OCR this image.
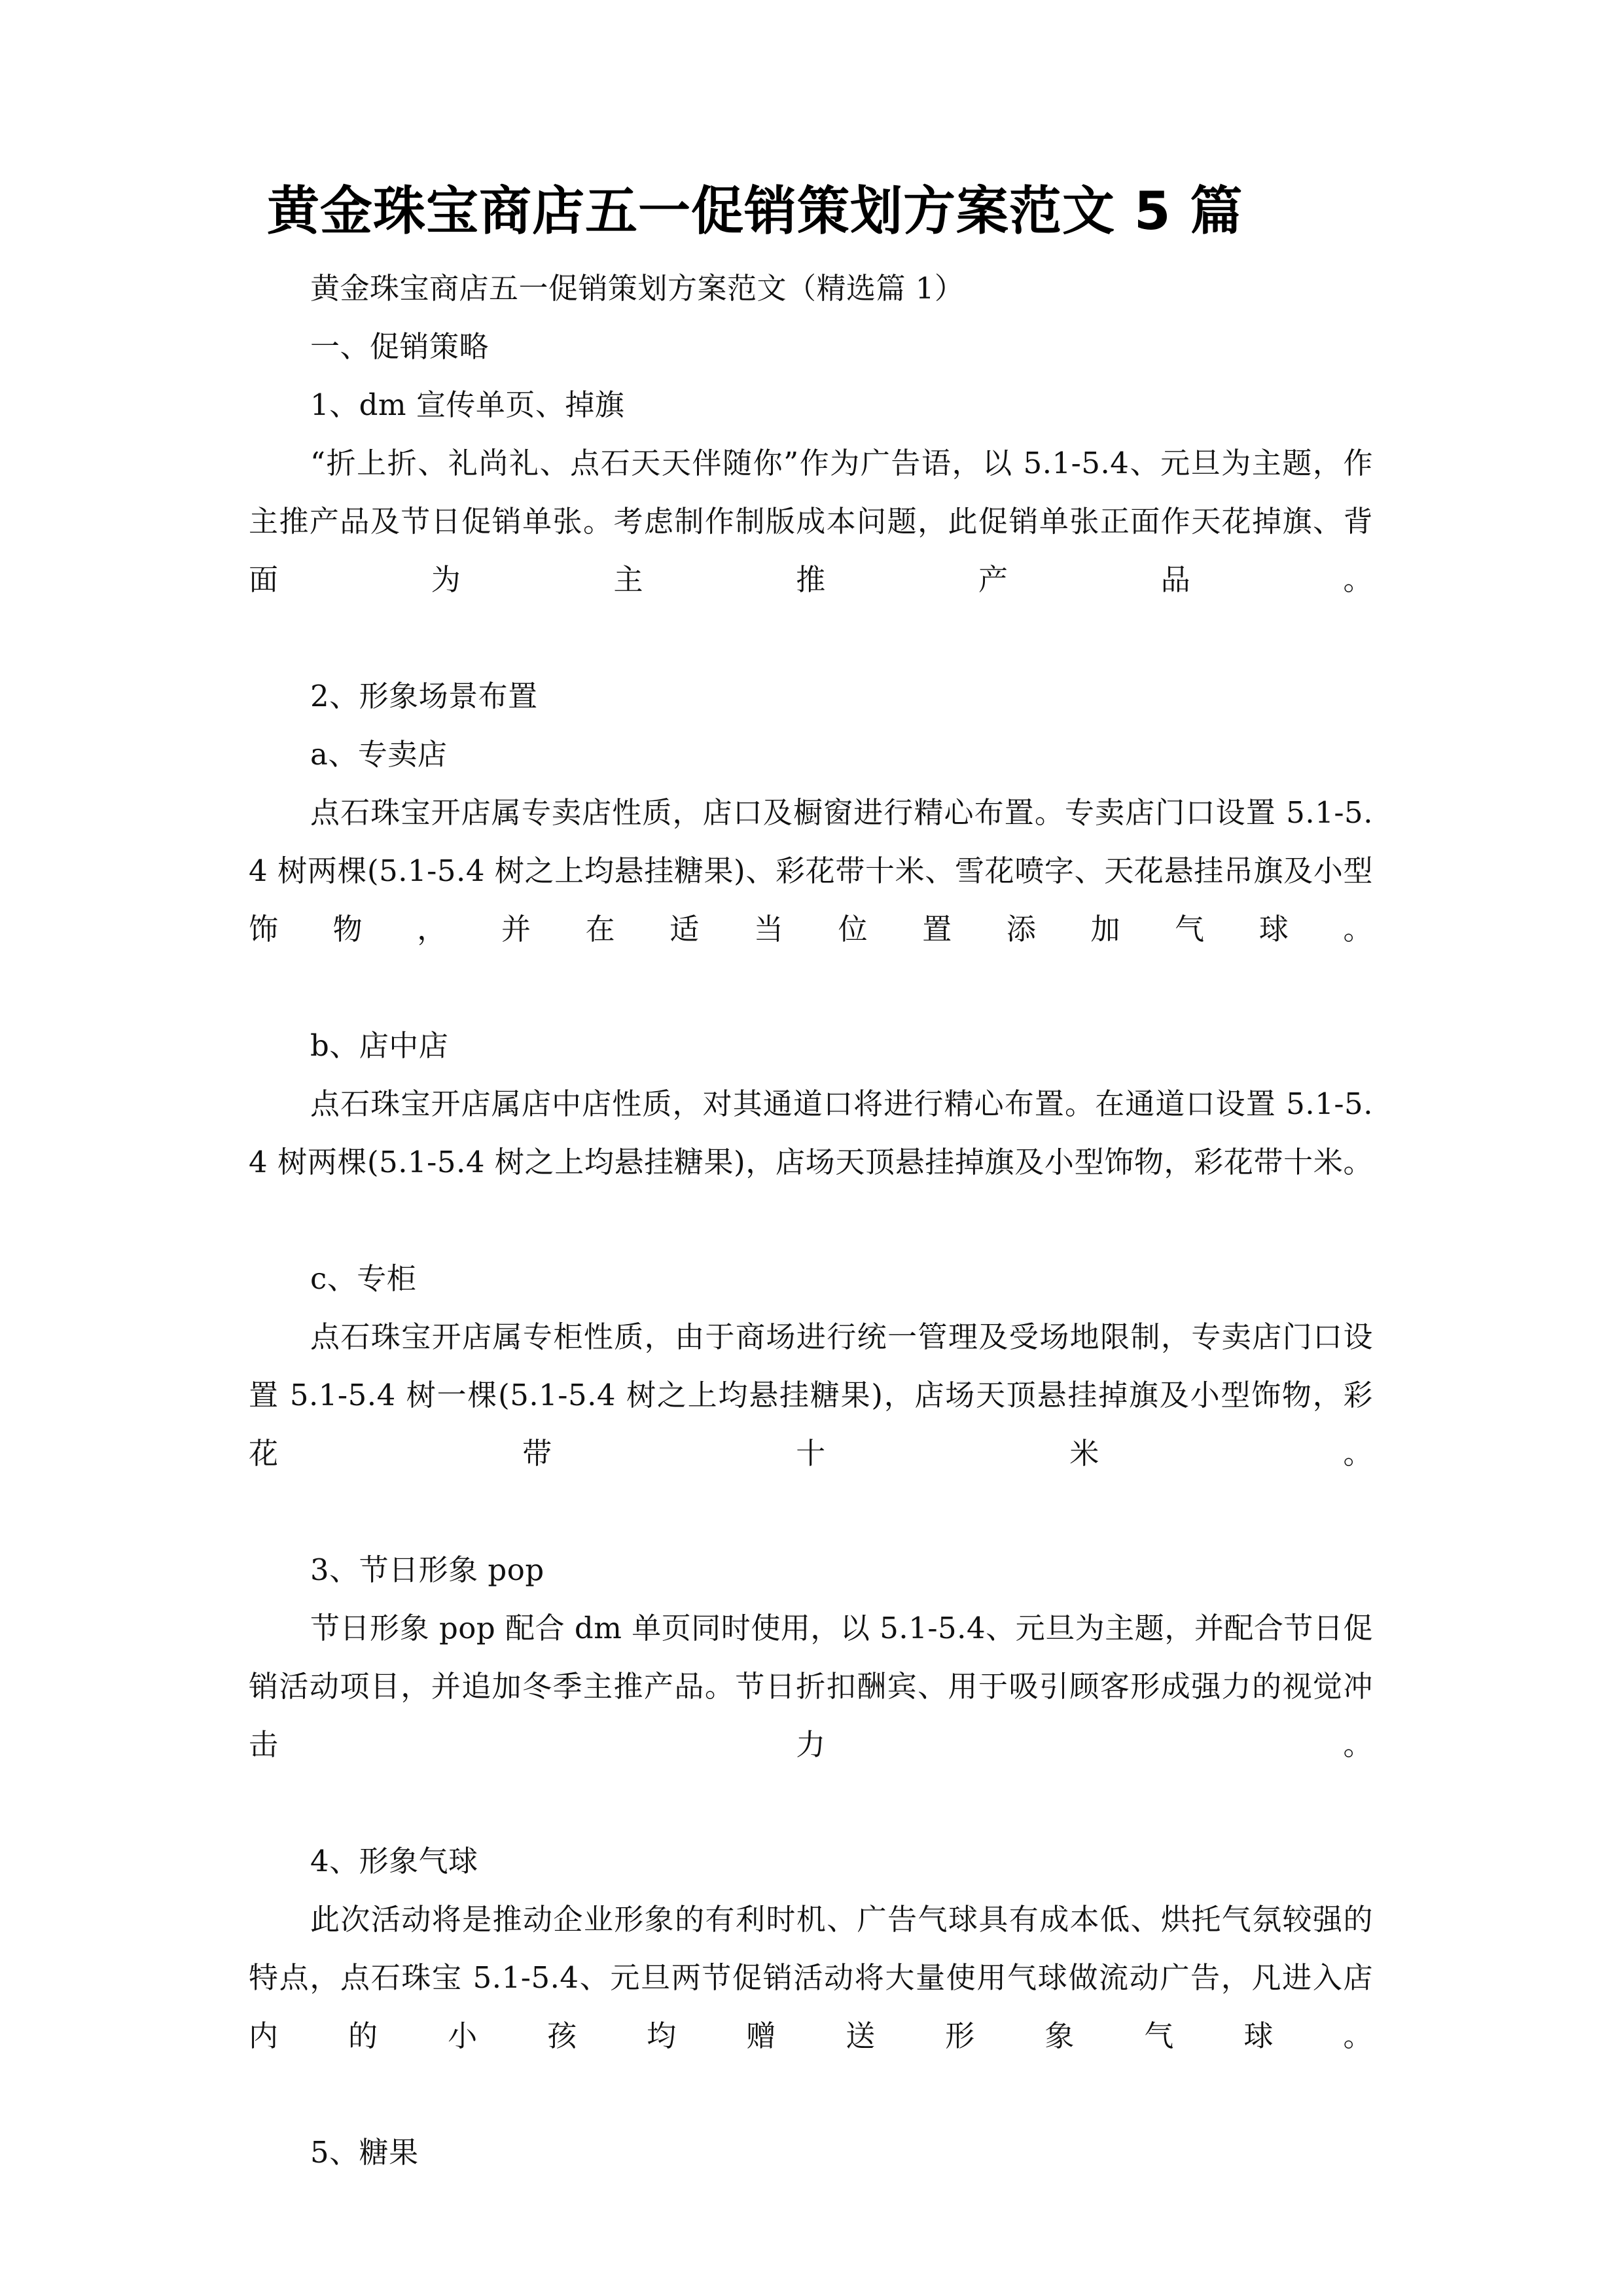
黄金珠宝商店五一促销策划方案范文 5 篇

黄金珠宝商店五一促销策划方案范文（精选篇 1）

一、促销策略

1、dm 宣传单页、掉旗

“折上折、礼尚礼、点石天天伴随你”作为广告语，以 5.1-5.4、元旦为主题，作主推产品及节日促销单张。考虑制作制版成本问题，此促销单张正面作天花掉旗、背面为主推产品。

2、形象场景布置

a、专卖店

点石珠宝开店属专卖店性质，店口及橱窗进行精心布置。专卖店门口设置 5.1-5.4 树两棵(5.1-5.4 树之上均悬挂糖果)、彩花带十米、雪花喷字、天花悬挂吊旗及小型饰物，并在适当位置添加气球。

b、店中店

点石珠宝开店属店中店性质，对其通道口将进行精心布置。在通道口设置 5.1-5.4 树两棵(5.1-5.4 树之上均悬挂糖果)，店场天顶悬挂掉旗及小型饰物，彩花带十米。

c、专柜

点石珠宝开店属专柜性质，由于商场进行统一管理及受场地限制，专卖店门口设置 5.1-5.4 树一棵(5.1-5.4 树之上均悬挂糖果)，店场天顶悬挂掉旗及小型饰物，彩花带十米。

3、节日形象 pop

节日形象 pop 配合 dm 单页同时使用，以 5.1-5.4、元旦为主题，并配合节日促销活动项目，并追加冬季主推产品。节日折扣酬宾、用于吸引顾客形成强力的视觉冲击力。

4、形象气球

此次活动将是推动企业形象的有利时机、广告气球具有成本低、烘托气氛较强的特点，点石珠宝 5.1-5.4、元旦两节促销活动将大量使用气球做流动广告，凡进入店内的小孩均赠送形象气球。

5、糖果
